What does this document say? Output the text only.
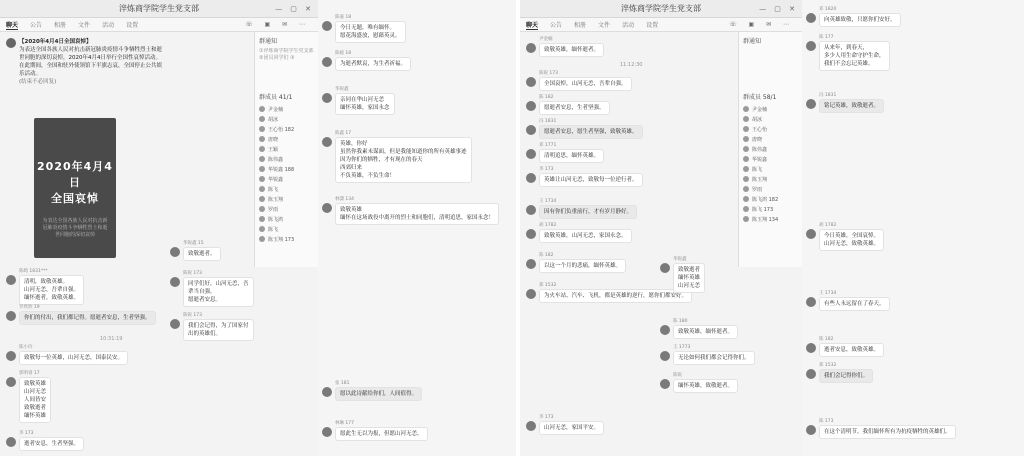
淬炼商学院学生党支部	— ▢ ✕
聊天 公告 相册 文件 活动 设置	☏ ▣ ✉ ⋯
【2020年4月4日全国哀悼】
为表达全国各族人民对抗击新冠肺炎疫情斗争牺牲烈士和逝世同胞的深切哀悼，2020年4月4日举行全国性哀悼活动。在此期间，全国和驻外使领馆下半旗志哀，全国停止公共娱乐活动。
(结束不必回复)
2020年4月4日
全国哀悼
为表达全国各族人民对抗击新冠肺炎疫情斗争牺牲烈士和逝世同胞的深切哀悼
陈绮 1831***
清明，致敬英雄。
山河无恙，吾辈自强。
缅怀逝者，致敬英雄。
罗欣欣 19
你们的付出，我们都记得。愿逝者安息，生者坚强。
10:31:19
陈小玲
致敬每一位英雄，山河无恙，国泰民安。
郭明睿 17
致敬英雄
山河无恙
人间皆安
致敬逝者
缅怀英雄
李 173
逝者安息，生者坚强。
群通知
①淬炼商学院学生党支部 ②团员同学们 ③
群成员 41/1
尹金楠
胡冰
王心怡 182
唐晓
王颖
陈伟鑫
华锐鑫 188
华锐鑫
陈飞
陈玉翔
罗雨
陈飞鸿
陈飞
陈玉翔 173
华锐鑫 15
致敬逝者。
陈锐 173
同学们好，山河无恙，吾辈当自强。
愿逝者安息。
陈锐 173
我们会记得，为了国家付出的英雄们。
陈嘉 18
今日无题，唯有缅怀。
愿花海盛放，慰藉英灵。
陈媛 18
为逝者默哀，为生者祈福。
华锐鑫
亲同在华山河无恙
缅怀英雄，家国永念
陈鑫 17
英雄，你好
虽然你我素未谋面，但是我能知道你的所有英雄事迹
因为你们的牺牲，才有现在的春天
西郊归来
不负英雄，不负生命！
林潇 134
致敬英雄
缅怀在这场战役中离开的烈士和同胞们，清明追思，家国永念！
张 181
愿以此诗献给你们，人间值得。
林琳 177
愿此生无以为报，但愿山河无恙。
淬炼商学院学生党支部	— ▢ ✕
聊天 公告 相册 文件 活动 设置	☏ ▣ ✉ ⋯
尹金楠
致敬英雄，缅怀逝者。
11:12:30
陈锐 173
全国哀悼，山河无恙，吾辈自强。
陈 182
愿逝者安息，生者坚强。
冯 1831
愿逝者安息，愿生者坚强，致敬英雄。
邓 1771
清明追思，缅怀英雄。
李 173
英雄让山河无恙，致敬每一位逆行者。
王 1734
因有你们负重前行，才有岁月静好。
胡 1782
致敬英雄，山河无恙，家国永念。
陈 182
以这一个月的悲痛，缅怀英雄。
郑 1532
为火车站、汽车、飞机，都是英雄的逆行，愿你们都安好。
华锐鑫
致敬逝者
缅怀英雄
山河无恙
陈 180
致敬英雄，缅怀逝者。
王 1773
无论如何我们都会记得你们。
陈锐
缅怀英雄，致敬逝者。
李 173
山河无恙，家国平安。
群通知
群成员 58/1
尹金楠
胡冰
王心怡
唐晓
陈伟鑫
华锐鑫
陈飞
陈玉翔
罗雨
陈飞鸿 182
陈飞 173
陈玉翔 134
邓 1820
向英雄致敬，只愿你们安好。
陈 177
从来年，到春天，
多少人用生命守护生命，
我们不会忘记英雄。
冯 1831
铭记英雄，致敬逝者。
胡 1782
今日英雄，全国哀悼。
山河无恙，致敬英雄。
王 1734
有些人永远留在了春天。
陈 182
逝者安息，致敬英雄。
郑 1532
我们会记得你们。
陈 173
在这个清明节，我们缅怀所有为抗疫牺牲的英雄们。
